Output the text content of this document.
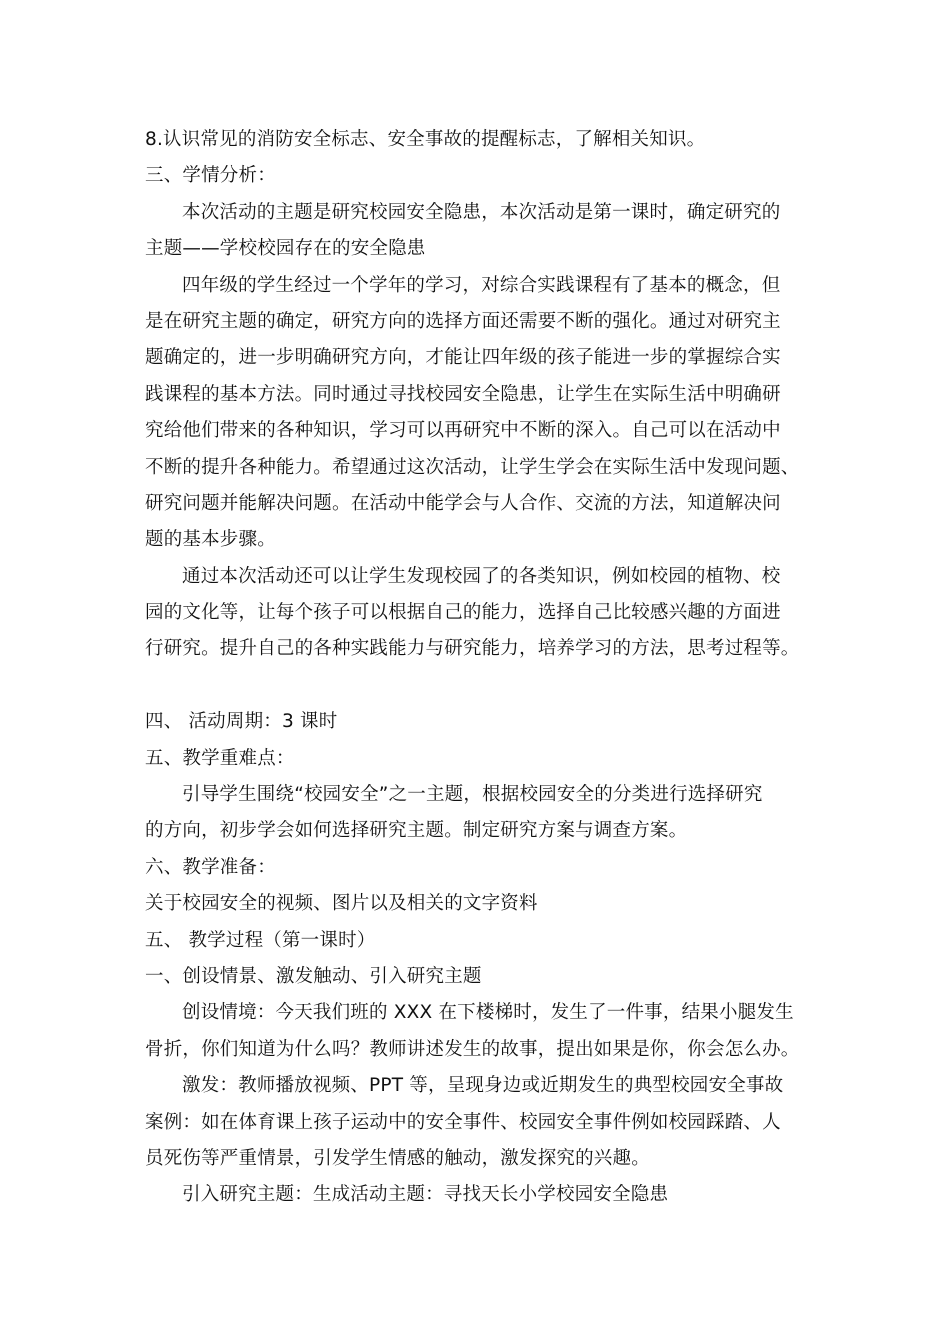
8.认识常见的消防安全标志、安全事故的提醒标志，了解相关知识。
三、学情分析：
本次活动的主题是研究校园安全隐患，本次活动是第一课时，确定研究的
主题——学校校园存在的安全隐患
四年级的学生经过一个学年的学习，对综合实践课程有了基本的概念，但
是在研究主题的确定，研究方向的选择方面还需要不断的强化。通过对研究主
题确定的，进一步明确研究方向，才能让四年级的孩子能进一步的掌握综合实
践课程的基本方法。同时通过寻找校园安全隐患，让学生在实际生活中明确研
究给他们带来的各种知识，学习可以再研究中不断的深入。自己可以在活动中
不断的提升各种能力。希望通过这次活动，让学生学会在实际生活中发现问题、
研究问题并能解决问题。在活动中能学会与人合作、交流的方法，知道解决问
题的基本步骤。
通过本次活动还可以让学生发现校园了的各类知识，例如校园的植物、校
园的文化等，让每个孩子可以根据自己的能力，选择自己比较感兴趣的方面进
行研究。提升自己的各种实践能力与研究能力，培养学习的方法，思考过程等。
四、 活动周期：3 课时
五、教学重难点：
引导学生围绕“校园安全”之一主题，根据校园安全的分类进行选择研究
的方向，初步学会如何选择研究主题。制定研究方案与调查方案。
六、教学准备：
关于校园安全的视频、图片以及相关的文字资料
五、 教学过程（第一课时）
一、创设情景、激发触动、引入研究主题
创设情境：今天我们班的 XXX 在下楼梯时，发生了一件事，结果小腿发生
骨折，你们知道为什么吗？教师讲述发生的故事，提出如果是你，你会怎么办。
激发：教师播放视频、PPT 等，呈现身边或近期发生的典型校园安全事故
案例：如在体育课上孩子运动中的安全事件、校园安全事件例如校园踩踏、人
员死伤等严重情景，引发学生情感的触动，激发探究的兴趣。
引入研究主题：生成活动主题：寻找天长小学校园安全隐患
